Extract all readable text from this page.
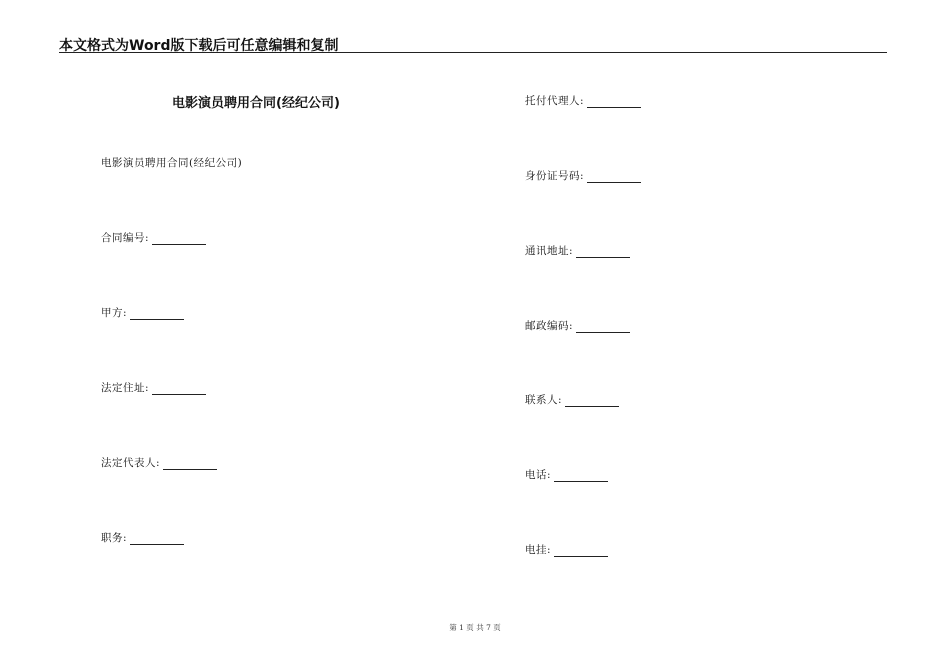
本文格式为Word版下载后可任意编辑和复制
电影演员聘用合同(经纪公司)
电影演员聘用合同(经纪公司)
合同编号:
甲方:
法定住址:
法定代表人:
职务:
托付代理人:
身份证号码:
通讯地址:
邮政编码:
联系人:
电话:
电挂:
第 1 页 共 7 页
